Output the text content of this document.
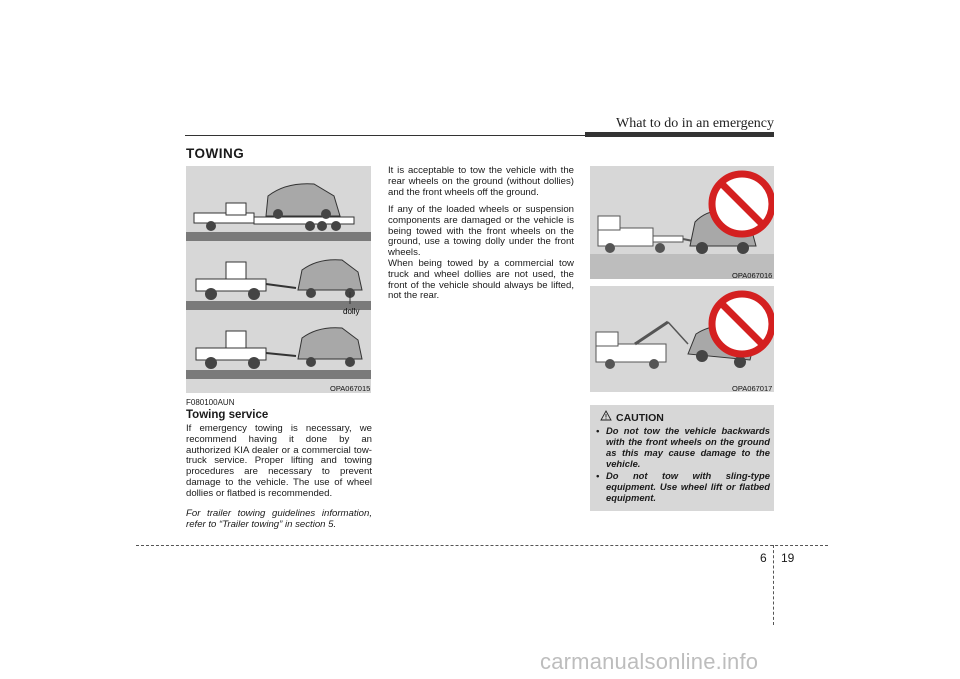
What to do in an emergency
TOWING
dolly
OPA067015
F080100AUN
Towing service
If emergency towing is necessary, we recommend having it done by an authorized KIA dealer or a commercial tow-truck service. Proper lifting and towing procedures are necessary to prevent damage to the vehicle. The use of wheel dollies or flatbed is recommended.
For trailer towing guidelines information, refer to “Trailer towing” in section 5.
It is acceptable to tow the vehicle with the rear wheels on the ground (without dollies) and the front wheels off the ground.
If any of the loaded wheels or suspension components are damaged or the vehicle is being towed with the front wheels on the ground, use a towing dolly under the front wheels.
When being towed by a commercial tow truck and wheel dollies are not used, the front of the vehicle should always be lifted, not the rear.
OPA067016
OPA067017
CAUTION
• Do not tow the vehicle backwards with the front wheels on the ground as this may cause damage to the vehicle.
• Do not tow with sling-type equipment. Use wheel lift or flatbed equipment.
6 19
carmanualsonline.info
